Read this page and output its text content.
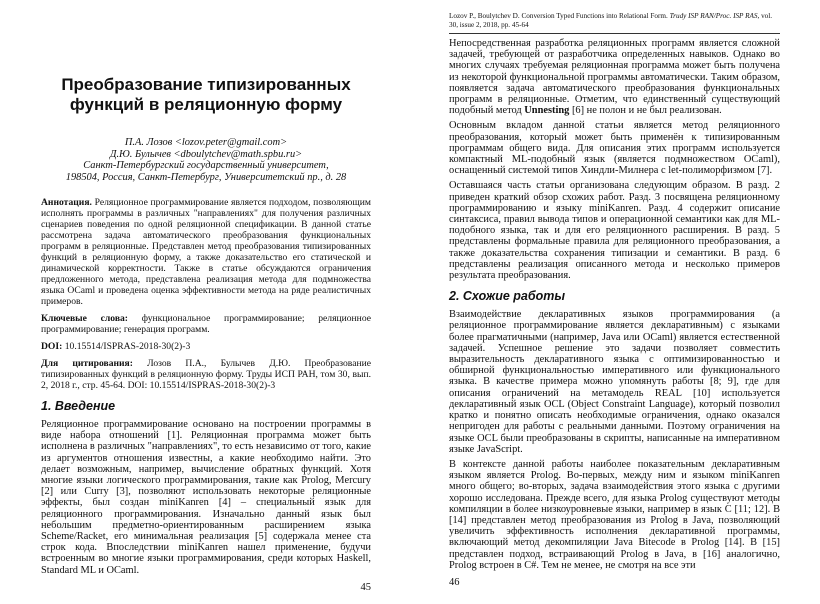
Преобразование типизированных
функций в реляционную форму
П.А. Лозов <lozov.peter@gmail.com>
Д.Ю. Булычев <dboulytchev@math.spbu.ru>
Санкт-Петербургский государственный университет,
198504, Россия, Санкт-Петербург, Университетский пр., д. 28

Аннотация. Реляционное программирование является подходом, позволяющим исполнять программы в различных "направлениях" для получения различных сценариев поведения по одной реляционной спецификации. В данной статье рассмотрена задача автоматического преобразования функциональных программ в реляционные. Представлен метод преобразования типизированных функций в реляционную форму, а также доказательство его статической и динамической корректности. Также в статье обсуждаются ограничения предложенного метода, представлена реализация метода для подмножества языка OCaml и проведена оценка эффективности метода на ряде реалистичных примеров.

Ключевые слова: функциональное программирование; реляционное программирование; генерация программ.

DOI: 10.15514/ISPRAS-2018-30(2)-3

Для цитирования: Лозов П.А., Булычев Д.Ю. Преобразование типизированных функций в реляционную форму. Труды ИСП РАН, том 30, вып. 2, 2018 г., стр. 45-64. DOI: 10.15514/ISPRAS-2018-30(2)-3

1. Введение

Реляционное программирование основано на построении программы в виде набора отношений [1]. Реляционная программа может быть исполнена в различных "направлениях", то есть независимо от того, какие из аргументов отношения известны, а какие необходимо найти. Это делает возможным, например, вычисление обратных функций. Хотя многие языки логического программирования, такие как Prolog, Mercury [2] или Curry [3], позволяют использовать некоторые реляционные эффекты, был создан miniKanren [4] – специальный язык для реляционного программирования. Изначально данный язык был небольшим предметно-ориентированным расширением языка Scheme/Racket, его минимальная реализация [5] содержала менее ста строк кода. Впоследствии miniKanren нашел применение, будучи встроенным во многие языки программирования, среди которых Haskell, Standard ML и OCaml.

45
Lozov P., Boulytchev D. Conversion Typed Functions into Relational Form. Trudy ISP RAN/Proc. ISP RAS, vol. 30, issue 2, 2018, pp. 45-64

Непосредственная разработка реляционных программ является сложной задачей, требующей от разработчика определенных навыков. Однако во многих случаях требуемая реляционная программа может быть получена из некоторой функциональной программы автоматически. Таким образом, появляется задача автоматического преобразования функциональных программ в реляционные. Отметим, что единственный существующий подобный метод Unnesting [6] не полон и не был реализован.

Основным вкладом данной статьи является метод реляционного преобразования, который может быть применён к типизированным программам общего вида. Для описания этих программ используется компактный ML-подобный язык (является подмножеством OCaml), оснащенный системой типов Хиндли-Милнера с let-полиморфизмом [7].

Оставшаяся часть статьи организована следующим образом. В разд. 2 приведен краткий обзор схожих работ. Разд. 3 посвящена реляционному программированию и языку miniKanren. Разд. 4 содержит описание синтаксиса, правил вывода типов и операционной семантики как для ML-подобного языка, так и для его реляционного расширения. В разд. 5 представлены формальные правила для реляционного преобразования, а также доказательства сохранения типизации и семантики. В разд. 6 представлены реализация описанного метода и несколько примеров результата преобразования.

2. Схожие работы

Взаимодействие декларативных языков программирования (а реляционное программирование является декларативным) с языками более прагматичными (например, Java или OCaml) является естественной задачей. Успешное решение это задачи позволяет совместить выразительность декларативного языка с оптимизированностью и обширной функциональностью императивного или функционального языка. В качестве примера можно упомянуть работы [8; 9], где для описания ограничений на метамодель REAL [10] используется декларативный язык OCL (Object Constraint Language), который позволил кратко и понятно описать необходимые ограничения, однако оказался непригоден для работы с реальными данными. Поэтому ограничения на языке OCL были преобразованы в скрипты, написанные на императивном языке JavaScript.

В контексте данной работы наиболее показательным декларативным языком является Prolog. Во-первых, между ним и языком miniKanren много общего; во-вторых, задача взаимодействия этого языка с другими хорошо исследована. Прежде всего, для языка Prolog существуют методы компиляции в более низкоуровневые языки, например в язык C [11; 12]. В [14] представлен метод преобразования из Prolog в Java, позволяющий увеличить эффективность исполнения декларативной программы, включающий метод декомпиляции Java Bitecode в Prolog [14]. В [15] представлен подход, встраивающий Prolog в Java, в [16] аналогично, Prolog встроен в C#. Тем не менее, не смотря на все эти

46
